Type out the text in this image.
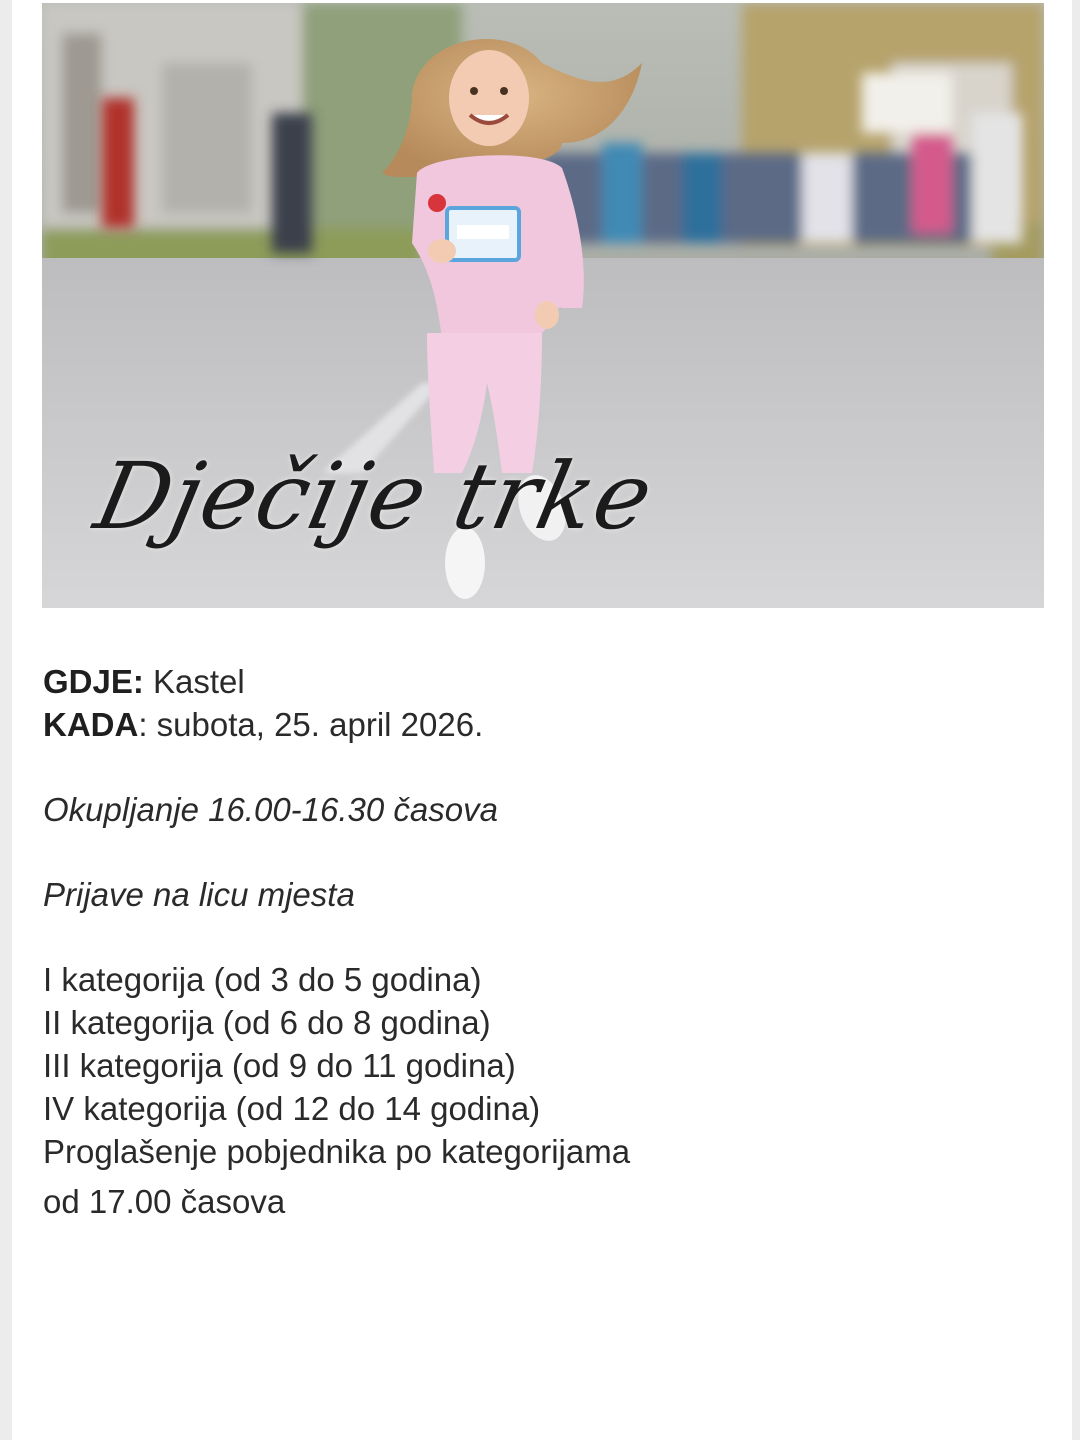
Dječije trke

GDJE: Kastel

KADA: subota, 25. april 2026.

Okupljanje 16.00-16.30 časova

Prijave na licu mjesta

I kategorija (od 3 do 5 godina)
II kategorija (od 6 do 8 godina)
III kategorija (od 9 do 11 godina)
IV kategorija (od 12 do 14 godina)
Proglašenje pobjednika po kategorijama
od 17.00 časova
